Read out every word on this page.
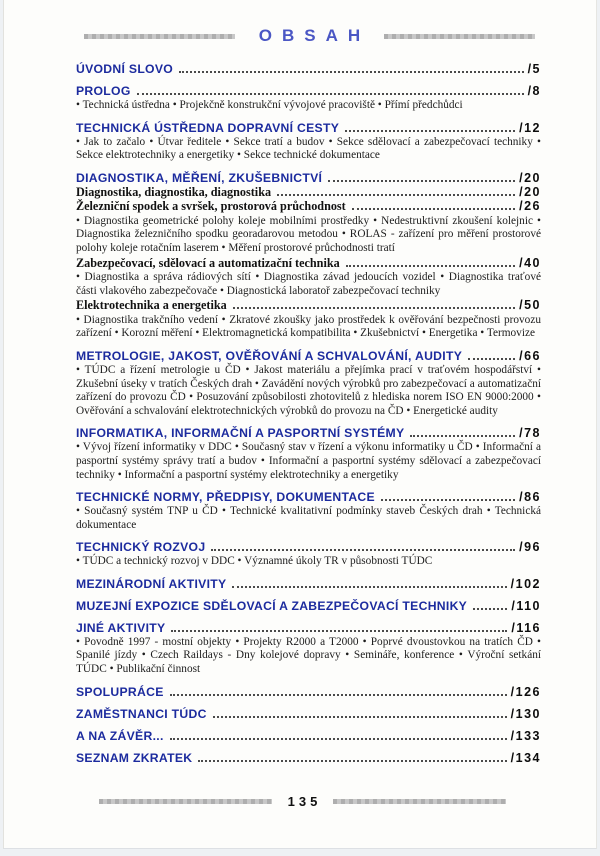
OBSAH
ÚVODNÍ SLOVO	/5
PROLOG	/8

• Technická ústředna • Projekčně konstrukční vývojové pracoviště • Přímí předchůdci

TECHNICKÁ ÚSTŘEDNA DOPRAVNÍ CESTY	/12

• Jak to začalo • Útvar ředitele • Sekce tratí a budov • Sekce sdělovací a zabezpečovací techniky • Sekce elektrotechniky a energetiky • Sekce technické dokumentace

DIAGNOSTIKA, MĚŘENÍ, ZKUŠEBNICTVÍ	/20
Diagnostika, diagnostika, diagnostika	/20
Železniční spodek a svršek, prostorová průchodnost	/26

• Diagnostika geometrické polohy koleje mobilními prostředky • Nedestruktivní zkoušení kolejnic • Diagnostika železničního spodku georadarovou metodou • ROLAS - zařízení pro měření prostorové polohy koleje rotačním laserem • Měření prostorové průchodnosti tratí

Zabezpečovací, sdělovací a automatizační technika	/40

• Diagnostika a správa rádiových sítí • Diagnostika závad jedoucích vozidel • Diagnostika traťové části vlakového zabezpečovače • Diagnostická laboratoř zabezpečovací techniky

Elektrotechnika a energetika	/50

• Diagnostika trakčního vedení • Zkratové zkoušky jako prostředek k ověřování bezpečnosti provozu zařízení • Korozní měření • Elektromagnetická kompatibilita • Zkušebnictví • Energetika • Termovize

METROLOGIE, JAKOST, OVĚŘOVÁNÍ A SCHVALOVÁNÍ, AUDITY	/66

• TÚDC a řízení metrologie u ČD • Jakost materiálu a přejímka prací v traťovém hospodářství • Zkušební úseky v tratích Českých drah • Zavádění nových výrobků pro zabezpečovací a automatizační zařízení do provozu ČD • Posuzování způsobilosti zhotovitelů z hlediska norem ISO EN 9000:2000 • Ověřování a schvalování elektrotechnických výrobků do provozu na ČD • Energetické audity

INFORMATIKA, INFORMAČNÍ A PASPORTNÍ SYSTÉMY	/78

• Vývoj řízení informatiky v DDC • Současný stav v řízení a výkonu informatiky u ČD • Informační a pasportní systémy správy tratí a budov • Informační a pasportní systémy sdělovací a zabezpečovací techniky • Informační a pasportní systémy elektrotechniky a energetiky

TECHNICKÉ NORMY, PŘEDPISY, DOKUMENTACE	/86

• Současný systém TNP u ČD • Technické kvalitativní podmínky staveb Českých drah • Technická dokumentace

TECHNICKÝ ROZVOJ	/96

• TÚDC a technický rozvoj v DDC • Významné úkoly TR v působnosti TÚDC

MEZINÁRODNÍ AKTIVITY	/102
MUZEJNÍ EXPOZICE SDĚLOVACÍ A ZABEZPEČOVACÍ TECHNIKY	/110
JINÉ AKTIVITY	/116

• Povodně 1997 - mostní objekty • Projekty R2000 a T2000 • Poprvé dvoustovkou na tratích ČD • Spanilé jízdy • Czech Raildays - Dny kolejové dopravy • Semináře, konference • Výroční setkání TÚDC • Publikační činnost

SPOLUPRÁCE	/126
ZAMĚSTNANCI TÚDC	/130
A NA ZÁVĚR...	/133
SEZNAM ZKRATEK	/134
135
